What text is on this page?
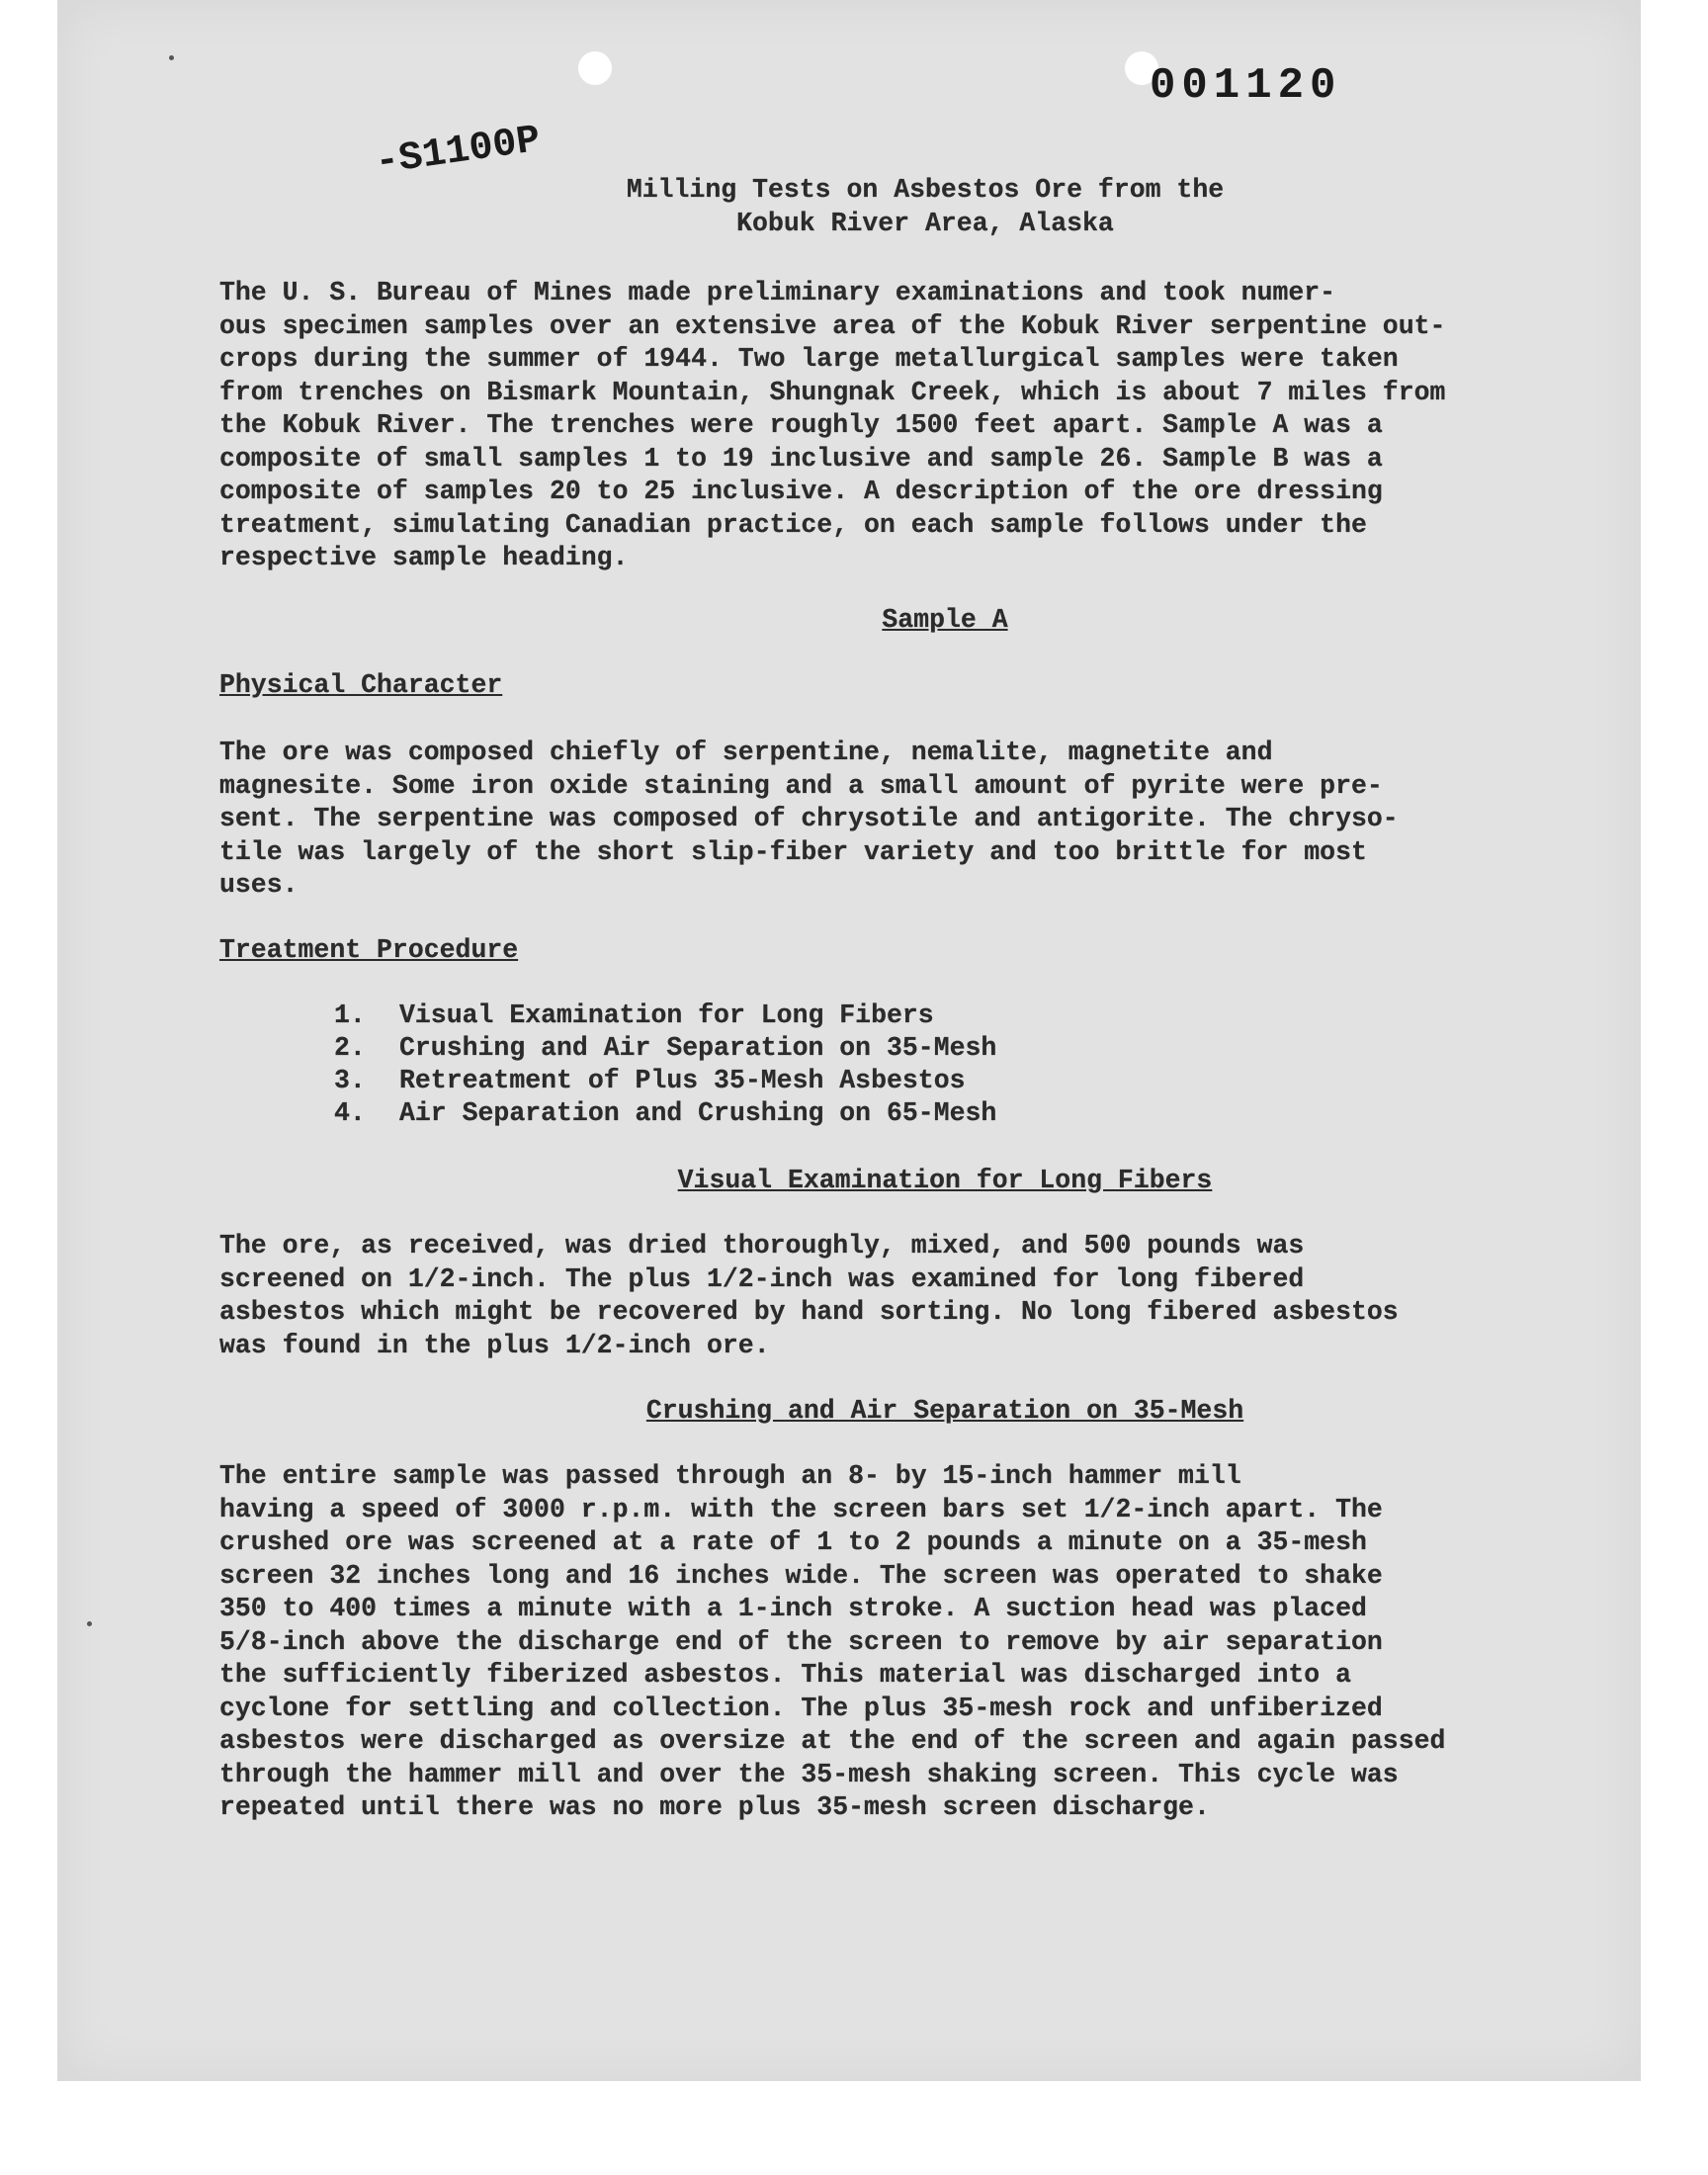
001120
-S1100P
Milling Tests on Asbestos Ore from the
Kobuk River Area, Alaska

The U. S. Bureau of Mines made preliminary examinations and took numer-
ous specimen samples over an extensive area of the Kobuk River serpentine out-
crops during the summer of 1944. Two large metallurgical samples were taken
from trenches on Bismark Mountain, Shungnak Creek, which is about 7 miles from
the Kobuk River. The trenches were roughly 1500 feet apart. Sample A was a
composite of small samples 1 to 19 inclusive and sample 26. Sample B was a
composite of samples 20 to 25 inclusive. A description of the ore dressing
treatment, simulating Canadian practice, on each sample follows under the
respective sample heading.

Sample A
Physical Character

The ore was composed chiefly of serpentine, nemalite, magnetite and
magnesite. Some iron oxide staining and a small amount of pyrite were pre-
sent. The serpentine was composed of chrysotile and antigorite. The chryso-
tile was largely of the short slip-fiber variety and too brittle for most
uses.

Treatment Procedure
1.	Visual Examination for Long Fibers
2.	Crushing and Air Separation on 35-Mesh
3.	Retreatment of Plus 35-Mesh Asbestos
4.	Air Separation and Crushing on 65-Mesh
Visual Examination for Long Fibers

The ore, as received, was dried thoroughly, mixed, and 500 pounds was
screened on 1/2-inch. The plus 1/2-inch was examined for long fibered
asbestos which might be recovered by hand sorting. No long fibered asbestos
was found in the plus 1/2-inch ore.

Crushing and Air Separation on 35-Mesh

The entire sample was passed through an 8- by 15-inch hammer mill
having a speed of 3000 r.p.m. with the screen bars set 1/2-inch apart. The
crushed ore was screened at a rate of 1 to 2 pounds a minute on a 35-mesh
screen 32 inches long and 16 inches wide. The screen was operated to shake
350 to 400 times a minute with a 1-inch stroke. A suction head was placed
5/8-inch above the discharge end of the screen to remove by air separation
the sufficiently fiberized asbestos. This material was discharged into a
cyclone for settling and collection. The plus 35-mesh rock and unfiberized
asbestos were discharged as oversize at the end of the screen and again passed
through the hammer mill and over the 35-mesh shaking screen. This cycle was
repeated until there was no more plus 35-mesh screen discharge.
